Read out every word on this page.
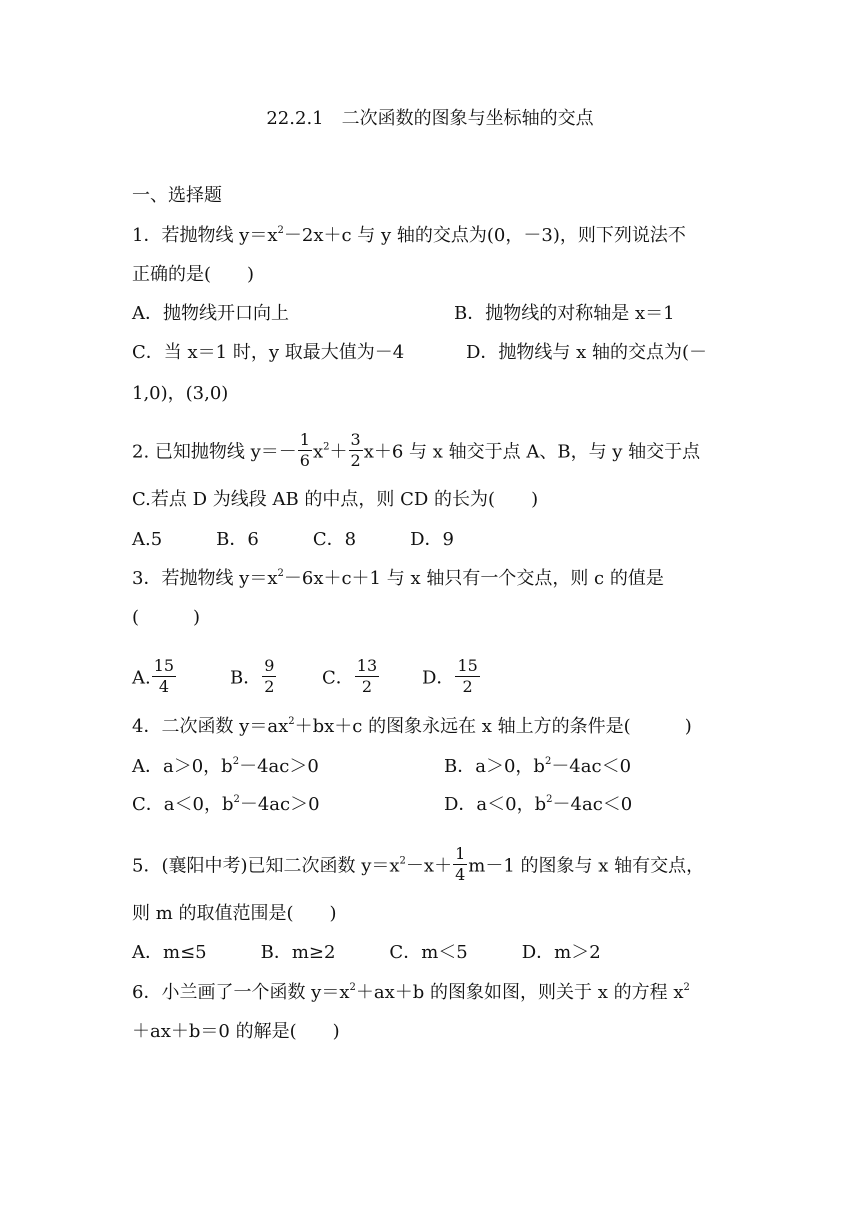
22.2.1　二次函数的图象与坐标轴的交点
一、选择题
1．若抛物线 $y=x^2-2x+c$ 与 y 轴的交点为(0，－3)，则下列说法不
正确的是(　　)
A．抛物线开口向上	B．抛物线的对称轴是 x＝1
C．当 x＝1 时，y 取最大值为－4	D．抛物线与 x 轴的交点为(－
1,0)，(3,0)
2. 已知抛物线 $y=- \frac{1}{6} x^2+ \frac{3}{2} x+6$ 与 x 轴交于点 A、B，与 y 轴交于点
C.若点 D 为线段 AB 的中点，则 CD 的长为(　　)
A.5　　　B．6　　　C．8　　　D．9
3．若抛物线 $y=x^2-6x+c+1$ 与 x 轴只有一个交点，则 c 的值是
(　　　)
A. $\frac{15}{4}$	B． $\frac{9}{2}$	C． $\frac{13}{2}$ D． $\frac{15}{2}$
4．二次函数 $y=ax^2+bx+c$ 的图象永远在 x 轴上方的条件是(　　　)
A．a＞0，$b^2-4ac>0$	B．a＞0，$b^2-4ac<0$
C．a＜0，$b^2-4ac>0$	D．a＜0，$b^2-4ac<0$
5．(襄阳中考)已知二次函数 $y=x^2-x+ \frac{1}{4} m-1$ 的图象与 x 轴有交点，
则 m 的取值范围是(　　)
A．m≤5　　　B．m≥2　　　C．m＜5　　　D．m＞2
6．小兰画了一个函数 $y=x^2+ax+b$ 的图象如图，则关于 x 的方程 $x^2$
＋ax＋b＝0 的解是(　　)
